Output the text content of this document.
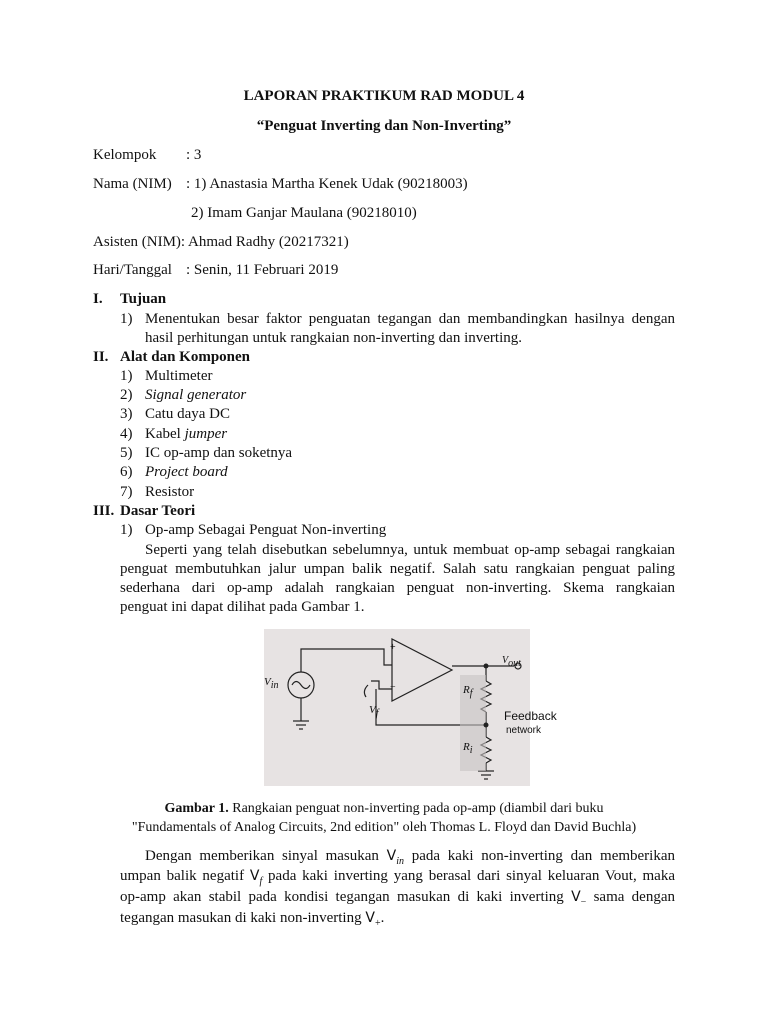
LAPORAN PRAKTIKUM RAD MODUL 4
“Penguat Inverting dan Non-Inverting”
Kelompok : 3
Nama (NIM) : 1) Anastasia Martha Kenek Udak (90218003)
2) Imam Ganjar Maulana (90218010)
Asisten (NIM): Ahmad Radhy (20217321)
Hari/Tanggal : Senin, 11 Februari 2019
I. Tujuan
1) Menentukan besar faktor penguatan tegangan dan membandingkan hasilnya dengan
hasil perhitungan untuk rangkaian non-inverting dan inverting.
II. Alat dan Komponen
1) Multimeter
2) Signal generator
3) Catu daya DC
4) Kabel jumper
5) IC op-amp dan soketnya
6) Project board
7) Resistor
III. Dasar Teori
1) Op-amp Sebagai Penguat Non-inverting
Seperti yang telah disebutkan sebelumnya, untuk membuat op-amp sebagai rangkaian
penguat membutuhkan jalur umpan balik negatif. Salah satu rangkaian penguat paling
sederhana dari op-amp adalah rangkaian penguat non-inverting. Skema rangkaian
penguat ini dapat dilihat pada Gambar 1.
$V_{in}$
+
−
$V_{out}$
$V_f$
$R_f$
$R_i$
Feedback
network
Gambar 1. Rangkaian penguat non-inverting pada op-amp (diambil dari buku
"Fundamentals of Analog Circuits, 2nd edition" oleh Thomas L. Floyd dan David Buchla)
Dengan memberikan sinyal masukan $V_{in}$ pada kaki non-inverting dan memberikan
umpan balik negatif $V_f$ pada kaki inverting yang berasal dari sinyal keluaran Vout, maka
op-amp akan stabil pada kondisi tegangan masukan di kaki inverting $V_-$ sama dengan
tegangan masukan di kaki non-inverting $V_+$.
